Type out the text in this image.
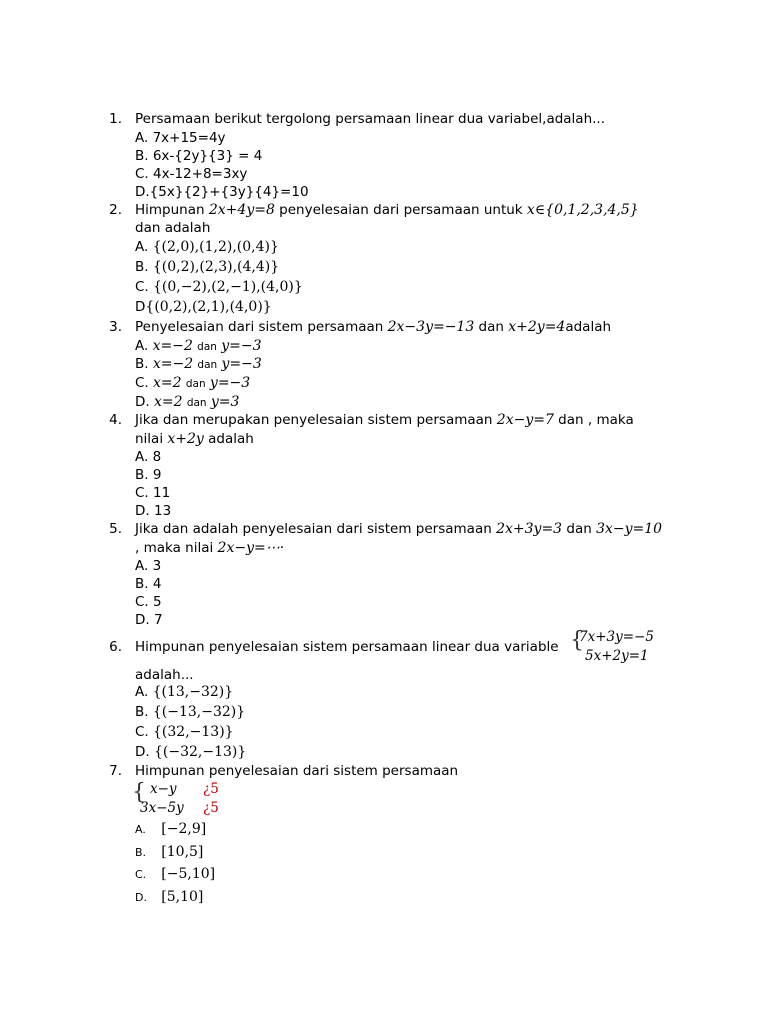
1. Persamaan berikut tergolong persamaan linear dua variabel,adalah...
A. 7x+15=4y
B. 6x-{2y}{3} = 4
C. 4x-12+8=3xy
D.{5x}{2}+{3y}{4}=10
2. Himpunan 2x+4y=8 penyelesaian dari persamaan untuk x∈{0,1,2,3,4,5}
dan adalah
A. {(2,0),(1,2),(0,4)}
B. {(0,2),(2,3),(4,4)}
C. {(0,−2),(2,−1),(4,0)}
D{(0,2),(2,1),(4,0)}
3. Penyelesaian dari sistem persamaan 2x−3y=−13 dan x+2y=4adalah
A. x=−2 dan y=−3
B. x=−2 dan y=−3
C. x=2 dan y=−3
D. x=2 dan y=3
4. Jika dan merupakan penyelesaian sistem persamaan 2x−y=7 dan , maka
nilai x+2y adalah
A. 8
B. 9
C. 11
D. 13
5. Jika dan adalah penyelesaian dari sistem persamaan 2x+3y=3 dan 3x−y=10
, maka nilai 2x−y=⋯·
A. 3
B. 4
C. 5
D. 7
6. Himpunan penyelesaian sistem persamaan linear dua variable {
7x+3y=−5
5x+2y=1
adalah...
A. {(13,−32)}
B. {(−13,−32)}
C. {(32,−13)}
D. {(−32,−13)}
7. Himpunan penyelesaian dari sistem persamaan
{ x−y ¿5
3x−5y ¿5
A. [−2,9]
B. [10,5]
C. [−5,10]
D. [5,10]
